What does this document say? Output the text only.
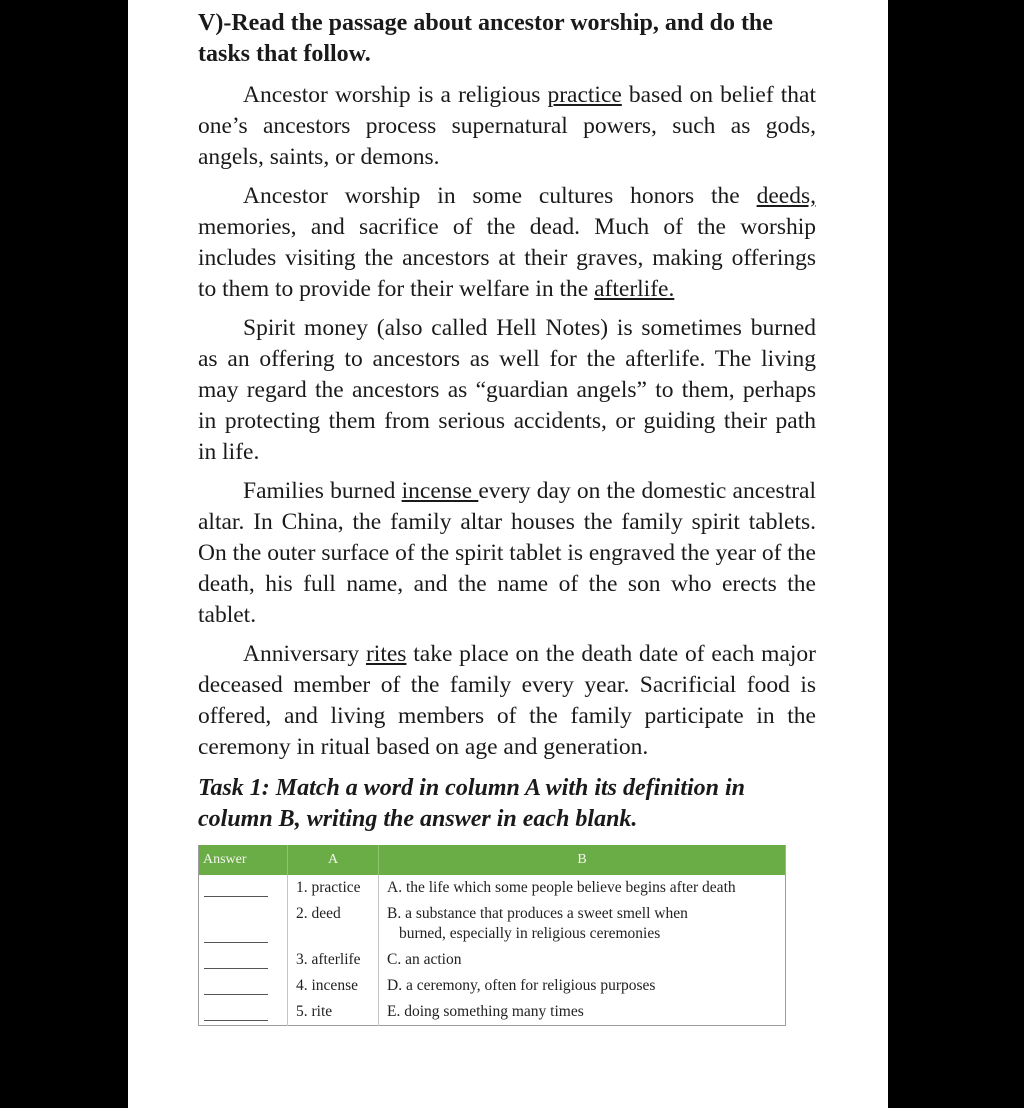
V)-Read the passage about ancestor worship, and do the tasks that follow.

Ancestor worship is a religious practice based on belief that one’s ancestors process supernatural powers, such as gods, angels, saints, or demons.

Ancestor worship in some cultures honors the deeds, memories, and sacrifice of the dead. Much of the worship includes visiting the ancestors at their graves, making offerings to them to provide for their welfare in the afterlife.

Spirit money (also called Hell Notes) is sometimes burned as an offering to ancestors as well for the afterlife. The living may regard the ancestors as “guardian angels” to them, perhaps in protecting them from serious accidents, or guiding their path in life.

Families burned incense every day on the domestic ancestral altar. In China, the family altar houses the family spirit tablets. On the outer surface of the spirit tablet is engraved the year of the death, his full name, and the name of the son who erects the tablet.

Anniversary rites take place on the death date of each major deceased member of the family every year. Sacrificial food is offered, and living members of the family participate in the ceremony in ritual based on age and generation.

Task 1: Match a word in column A with its definition in column B, writing the answer in each blank.

Answer	A	B

	1. practice	A. the life which some people believe begins after death

	2. deed	B. a substance that produces a sweet smell when
burned, especially in religious ceremonies

	3. afterlife	C. an action

	4. incense	D. a ceremony, often for religious purposes

	5. rite	E. doing something many times
